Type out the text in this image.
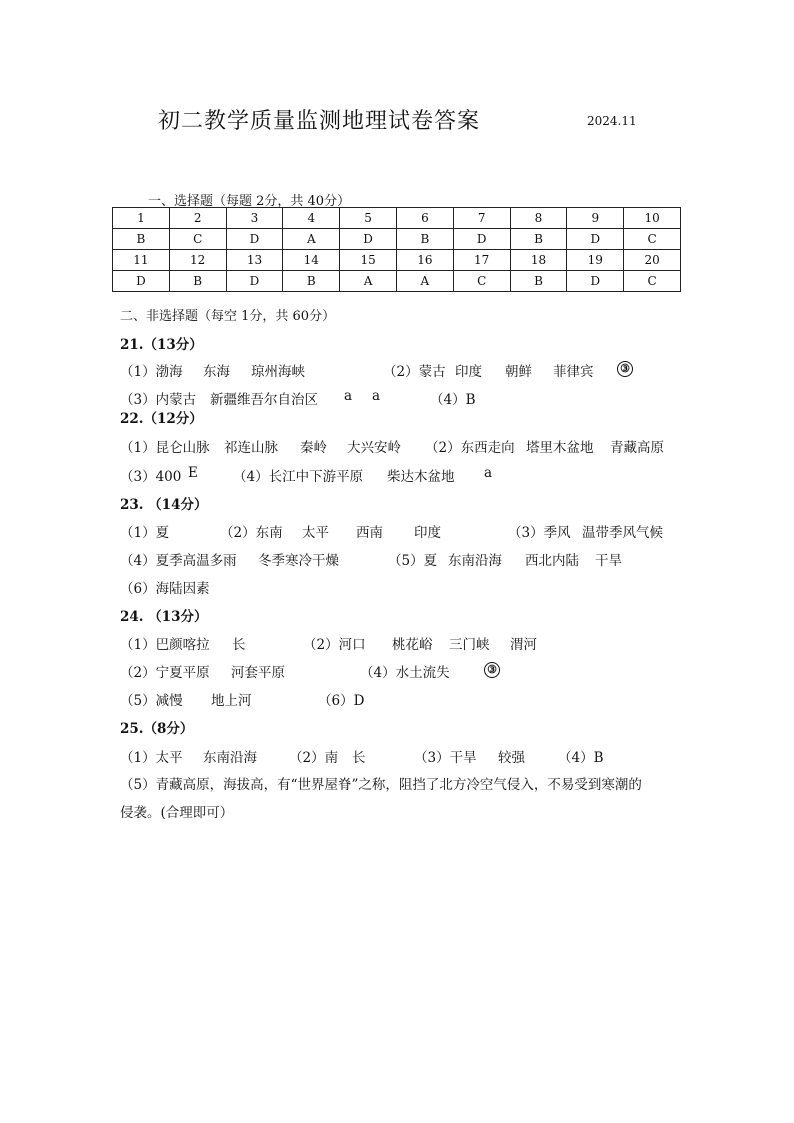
初二教学质量监测地理试卷答案	2024.11
一、选择题（每题 2分，共 40分）
1	2	3	4	5	6	7	8	9	10
B	C	D	A	D	B	D	B	D	C
11	12	13	14	15	16	17	18	19	20
D	B	D	B	A	A	C	B	D	C
二、非选择题（每空 1分，共 60分）
21.（13分）
（1）渤海 东海 琼州海峡	（2）蒙古 印度 朝鲜 菲律宾 ③
（3）内蒙古 新疆维吾尔自治区 a a	（4）B
22.（12分）
（1）昆仑山脉 祁连山脉 秦岭 大兴安岭 （2）东西走向 塔里木盆地 青藏高原
（3）400 E	（4）长江中下游平原 柴达木盆地 a
23. （14分）
（1）夏	（2）东南 太平 西南 印度	（3）季风 温带季风气候
（4）夏季高温多雨 冬季寒冷干燥	（5）夏 东南沿海 西北内陆 干旱
（6）海陆因素
24. （13分）
（1）巴颜喀拉 长	（2）河口 桃花峪 三门峡 渭河
（2）宁夏平原 河套平原	（4）水土流失	③
（5）减慢 地上河	（6）D
25.（8分）
（1）太平 东南沿海 （2）南 长	（3）干旱 较强 （4）B
（5）青藏高原，海拔高，有“世界屋脊”之称，阻挡了北方冷空气侵入，不易受到寒潮的
侵袭。(合理即可）
